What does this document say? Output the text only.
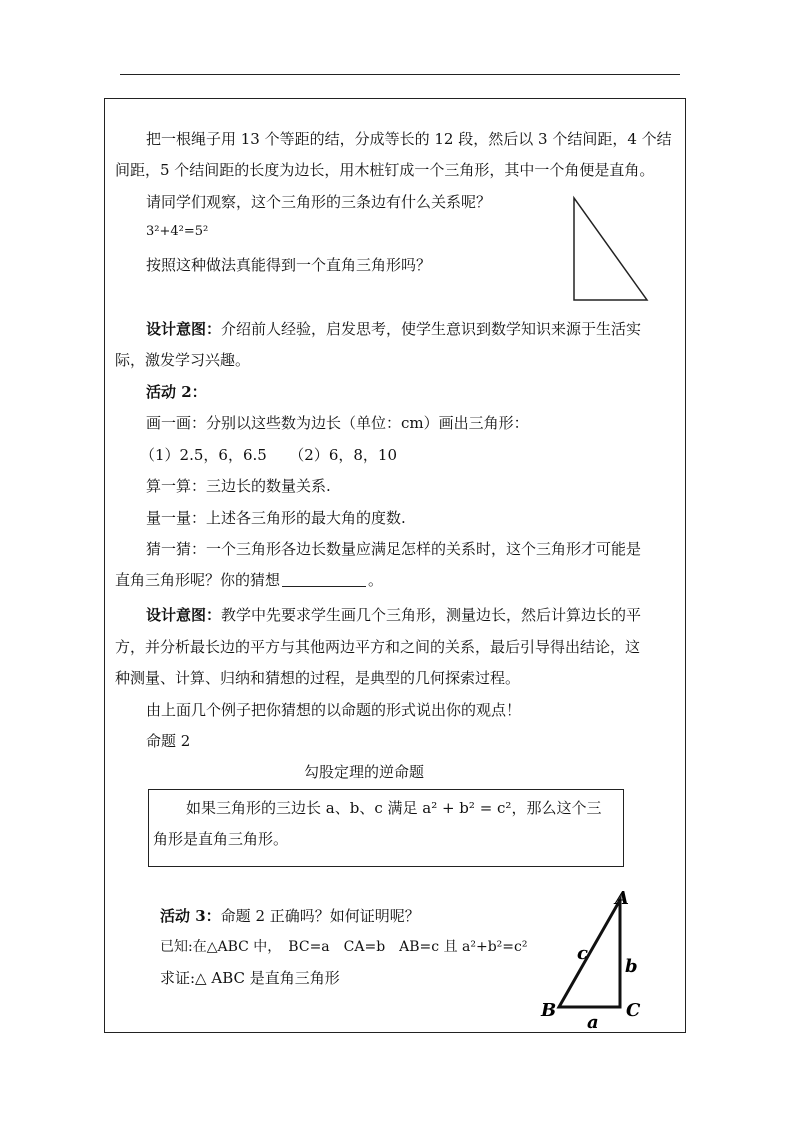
把一根绳子用 13 个等距的结，分成等长的 12 段，然后以 3 个结间距，4 个结
间距，5 个结间距的长度为边长，用木桩钉成一个三角形，其中一个角便是直角。
请同学们观察，这个三角形的三条边有什么关系呢？
3²+4²=5²
按照这种做法真能得到一个直角三角形吗？
设计意图：介绍前人经验，启发思考，使学生意识到数学知识来源于生活实
际，激发学习兴趣。
活动 2：
画一画：分别以这些数为边长（单位：cm）画出三角形：
（1）2.5，6，6.5　　（2）6，8，10
算一算：三边长的数量关系.
量一量：上述各三角形的最大角的度数.
猜一猜：一个三角形各边长数量应满足怎样的关系时，这个三角形才可能是
直角三角形呢？你的猜想	。
设计意图：教学中先要求学生画几个三角形，测量边长，然后计算边长的平
方，并分析最长边的平方与其他两边平方和之间的关系，最后引导得出结论，这
种测量、计算、归纳和猜想的过程，是典型的几何探索过程。
由上面几个例子把你猜想的以命题的形式说出你的观点！
命题 2
勾股定理的逆命题
如果三角形的三边长 a、b、c 满足 a² + b² = c²，那么这个三
角形是直角三角形。
活动 3：命题 2 正确吗？如何证明呢？
已知:在△ABC 中，　BC=a　CA=b　AB=c 且 a²+b²=c²
求证:△ ABC 是直角三角形
A
B	C
a
b
c
